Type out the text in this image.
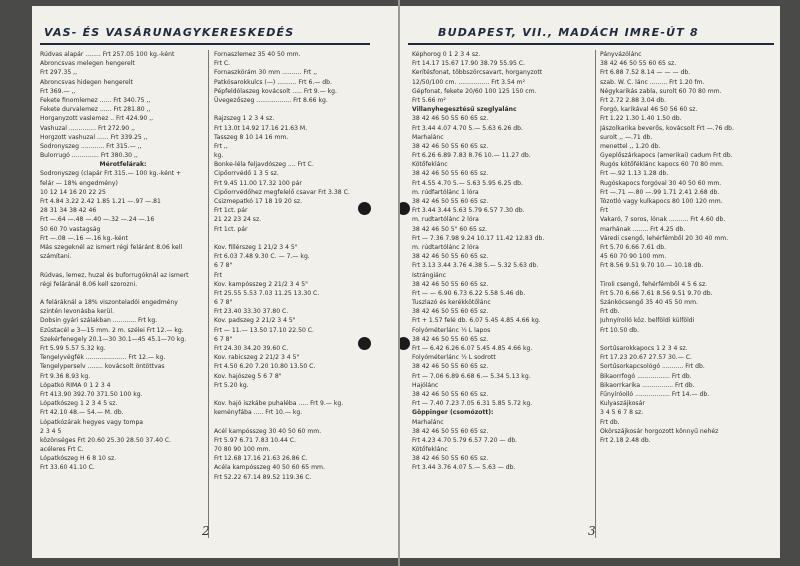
VAS- ÉS VASÁRUNAGYKERESKEDÉS
Rúdvas alapár ........ Frt 257.05 100 kg.-ként
Abroncsvas melegen hengerelt
Frt 297.35 ,,
Abroncsvas hidegen hengerelt
Frt 369.— ,,
Fekete finomlemez ...... Frt 340.75 ,,
Fekete durvalemez ...... Frt 281.80 ,,
Horganyzott vaslemez .. Frt 424.90 ,,
Vashuzal .............. Frt 272.90 ,,
Horgzott vashuzal ...... Frt 339.25 ,,
Sodronyszeg ............ Frt 315.— ,,
Bulorrugó .............. Frt 380.30 ,,
Mérotfelárak:
Sodronyszeg (clapár Frt 315.— 100 kg.-ként +
felár — 18% engedmény)
10 12 14 16 20 22 25
Frt 4.84 3.22 2.42 1.85 1.21 —.97 —.81
28 31 34 38 42 46
Frt —.64 —.48 —.40 —.32 —.24 —.16
50 60 70 vastagság
Frt —.08 —.16 —.16 kg.-ként
Más szegeknél az ismert régi feláránt 8.06 kell
számítani.
Rúdvas, lemez, huzal és buforrugóknál az ismert
régi feláránál 8.06 kell szorozni.
A feláráknál a 18% viszonteladói engedmény
szintén levonásba kerül.
Dobsin gyári szálakban ............ Frt kg.
Ezüstacél ⌀ 3—15 mm. 2 m. szélei Frt 12.— kg.
Szekérfenegely 20.1—30 30.1—45 45.1—70 kg.
Frt 5.99 5.57 5.32 kg.
Tengelyvégfék ..................... Frt 12.— kg.
Tengelyperselv ........ kovácsolt öntöttvas
Frt 9.36 8.93 kg.
Lópatkó RIMA 0 1 2 3 4
Frt 413.90 392.70 371.50 100 kg.
Lópatkószeg 1 2 3 4 5 sz.
Frt 42.10 48.— 54.— M. db.
Lópatkózárak hegyes vagy tompa
2 3 4 5
közönséges Frt 20.60 25.30 28.50 37.40 C.
acéleres Frt C.
Lópatkószeg H 6 8 10 sz.
Frt 33.60 41.10 C.
Fornaszlemez 35 40 50 mm.
Frt C.
Fornaszkörám 30 mm .......... Frt ,,
Patkósarokkulcs (—) .......... Frt 6.— db.
Pépfeldólaszeg kovácsolt ..... Frt 9.— kg.
Üvegezőszeg .................. Frt 8.66 kg.
Rajzszeg 1 2 3 4 sz.
Frt 13.0t 14.92 17.16 21.63 M.
Tasszeg 8 10 14 16 mm.
Frt ,,
kg.
Bonke-léla feljavdószeg .... Frt C.
Cipőorrvédő 1 3 5 sz.
Frt 9.45 11.00 17.32 100 pár
Cipőorrvédőhez megfelelő csavar Frt 3.38 C.
Csizmepatkó 17 18 19 20 sz.
Frt 1ct. pár
21 22 23 24 sz.
Frt 1ct. pár
Kov. fillérszeg 1 21/2 3 4 5"
Frt 6.03 7.48 9.30 C. — 7.— kg.
6 7 8"
Frt
Kov. kampósszeg 2 21/2 3 4 5"
Frt 25.55 5.53 7.03 11.25 13.30 C.
6 7 8"
Frt 23.40 33.30 37.80 C.
Kov. padszeg 2 21/2 3 4 5"
Frt — 11.— 13.50 17.10 22.50 C.
6 7 8"
Frt 24.30 34.20 39.60 C.
Kov. rabicszeg 2 21/2 3 4 5"
Frt 4.50 6.20 7.20 10.80 13.50 C.
Kov. hajószeg 5 6 7 8"
Frt 5.20 kg.
Kov. hajó iszkábe puhaléba ..... Frt 9.— kg.
keményfába ..... Frt 10.— kg.
Acél kampósszeg 30 40 50 60 mm.
Frt 5.97 6.71 7.83 10.44 C.
70 80 90 100 mm.
Frt 12.68 17.16 21.63 26.86 C.
Acéla kampósszeg 40 50 60 65 mm.
Frt 52.22 67.14 89.52 119.36 C.
2
BUDAPEST, VII., MADÁCH IMRE-ÚT 8
Képhorog 0 1 2 3 4 sz.
Frt 14.17 15.67 17.90 38.79 55.95 C.
Kerítésfonat, többszörcsavart, horganyzott
12/50/100 cm. ................ Frt 3.54 m²
Gépfonat, fekete 20/60 100 125 150 cm.
Frt 5.66 m²
Villanyhegesztésű szeglyalánc
38 42 46 50 55 60 65 sz.
Frt 3.44 4.07 4.70 5.— 5.63 6.26 db.
Marhalánc
38 42 46 50 55 60 65 sz.
Frt 6.26 6.89 7.83 8.76 10.— 11.27 db.
Kötőfeklánc
38 42 46 50 55 60 65 sz.
Frt 4.55 4.70 5.— 5.63 5.95 6.25 db.
m. rúdfartólánc 1 lóra
38 42 46 50 55 60 65 sz.
Frt 3.44 3.44 5.63 5.79 6.57 7.30 db.
m. rudtartólánc 2 lóra
38 42 46 50 5" 60 65 sz.
Frt — 7.36 7.98 9.24 10.17 11.42 12.83 db.
m. rúdtartólánc 2 lóra
38 42 46 50 55 60 65 sz.
Frt 3.13 3.44 3.76 4.38 5.— 5.32 5.63 db.
Istrángiánc
38 42 46 50 55 60 65 sz.
Frt — — 6.90 6.73 6.22 5.58 5.46 db.
Tuszlazó és kerékkötőlánc
38 42 46 50 55 60 65 sz.
Frt + 1.57 felé db. 6.07 5.45 4.85 4.66 kg.
Folyóméterlánc ½ L lapos
38 42 46 50 55 60 65 sz.
Frt — 6.42 6.26 6.07 5.45 4.85 4.66 kg.
Folyóméterlánc ½ L sodrott
38 42 46 50 55 60 65 sz.
Frt — 7.06 6.89 6.68 6.— 5.34 5.13 kg.
Hajólánc
38 42 46 50 55 60 65 sz.
Frt — 7.40 7.23 7.05 6.31 5.85 5.72 kg.
Göppinger (csomózott):
Marhalánc
38 42 46 50 55 60 65 sz.
Frt 4.23 4.70 5.79 6.57 7.20 — db.
Kötőfeklánc
38 42 46 50 55 60 65 sz.
Frt 3.44 3.76 4.07 5.— 5.63 — db.
Pányvázólánc
38 42 46 50 55 60 65 sz.
Frt 6.88 7.52 8.14 — — — db.
szab. W. C. lánc ......... Frt 1.20 fm.
Négykarikás zabla, surolt 60 70 80 mm.
Frt 2.72 2.88 3.04 db.
Forgó, karikával 46 50 56 60 sz.
Frt 1.22 1.30 1.40 1.50 db.
Jászolkarika beverős, kovácsolt Frt —.76 db.
surolt ,, —.71 db.
menettel ,, 1.20 db.
Gyeplőszárkapocs (amerikai) cadum Frt db.
Rugós kötőféklánc kapocs 60 70 80 mm.
Frt —.92 1.13 1.28 db.
Rugóskapocs forgóval 30 40 50 60 mm.
Frt —.71 —.80 —.99 1.71 2.41 2.68 db.
Tózotló vagy kulkapocs 80 100 120 mm.
Frt
Vakaró, 7 soros, lónak .......... Frt 4.60 db.
marhának ........ Frt 4.25 db.
Váredi csengő, lehérfémből 20 30 40 mm.
Frt 5.70 6.66 7.61 db.
45 60 70 90 100 mm.
Frt 8.56 9.51 9.70 10.— 10.18 db.
Tiroli csengő, fehérfémből 4 5 6 sz.
Frt 5.70 6.66 7.61 8.56 9.51 9.70 db.
Szánkócsengő 35 40 45 50 mm.
Frt db.
Juhnyírolló köz. belföldi külföldi
Frt 10.50 db.
Sortűsarokkapocs 1 2 3 4 sz.
Frt 17.23 20.67 27.57 30.— C.
Sortűsorkapcsológó ........... Frt db.
Bikaorrfogó ................. Frt db.
Bikaorrkarika ................ Frt db.
Fűnyíróolló .................. Frt 14.— db.
Kulyaszájkosár
3 4 5 6 7 8 sz.
Frt db.
Okörszájkosár horgozott könnyű nehéz
Frt 2.18 2.48 db.
3
